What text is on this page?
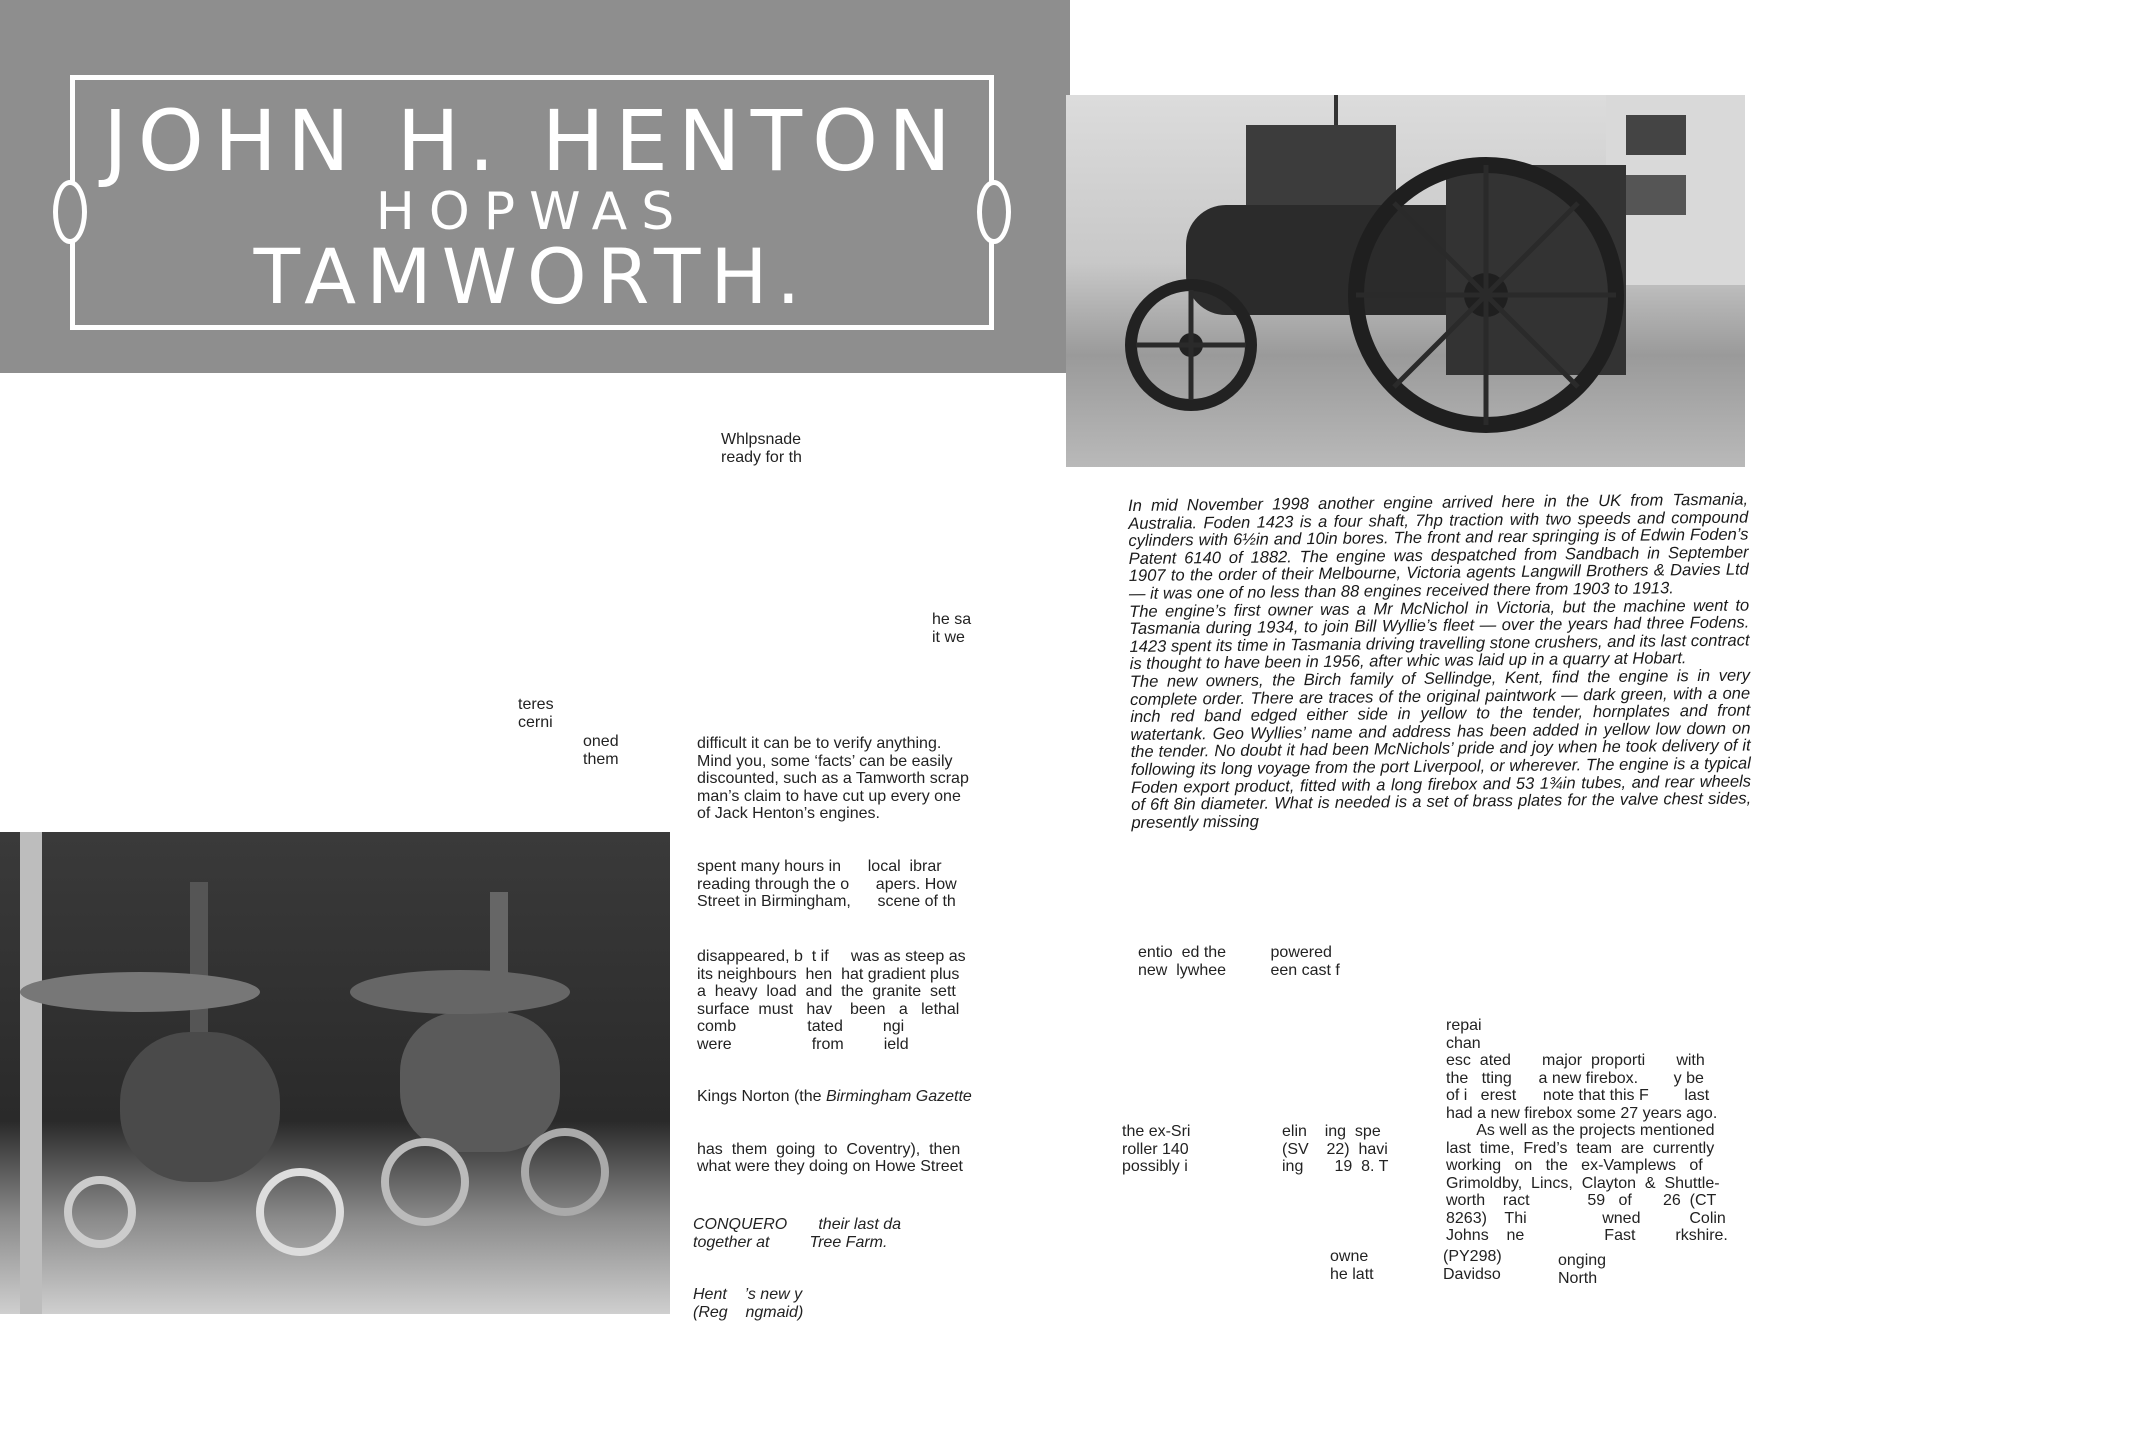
JOHN H. HENTON
HOPWAS
TAMWORTH.
Whlpsnade
ready for th
he sa
it we
teres
cerni
oned
them

difficult it can be to verify anything.
Mind you, some ‘facts’ can be easily
discounted, such as a Tamworth scrap
man’s claim to have cut up every one
of Jack Henton’s engines.

spent many hours in      local  ibrar
reading through the o      apers. How
Street in Birmingham,      scene of th

disappeared, b  t if     was as steep as
its neighbours  hen  hat gradient plus
a  heavy  load  and  the  granite  sett
surface  must   hav    been   a   lethal
comb                tated         ngi
were                  from         ield

Kings Norton (the Birmingham Gazette

has  them  going  to  Coventry),  then
what were they doing on Howe Street

CONQUERO       their last da
together at         Tree Farm.
Hent    ’s new y
(Reg    ngmaid)

In mid November 1998 another engine arrived here in the UK from Tasmania, Australia. Foden 1423 is a four shaft, 7hp traction with two speeds and compound cylinders with 6½in and 10in bores. The front and rear springing is of Edwin Foden’s Patent 6140 of 1882. The engine was despatched from Sandbach in September 1907 to the order of their Melbourne, Victoria agents Langwill Brothers & Davies Ltd — it was one of no less than 88 engines received there from 1903 to 1913.

The engine’s first owner was a Mr McNichol in Victoria, but the machine went to Tasmania during 1934, to join Bill Wyllie’s fleet — over the years had three Fodens. 1423 spent its time in Tasmania driving travelling stone crushers, and its last contract is thought to have been in 1956, after whic was laid up in a quarry at Hobart.

The new owners, the Birch family of Sellindge, Kent, find the engine is in very complete order. There are traces of the original paintwork — dark green, with a one inch red band edged either side in yellow to the tender, hornplates and front watertank. Geo Wyllies’ name and address has been added in yellow low down on the tender. No doubt it had been McNichols’ pride and joy when he took delivery of it following its long voyage from the port Liverpool, or wherever. The engine is a typical Foden export product, fitted with a long firebox and 53 1¾in tubes, and rear wheels of 6ft 8in diameter. What is needed is a set of brass plates for the valve chest sides, presently missing

entio  ed the          powered
new  lywhee          een cast f

repai
chan
esc  ated       major  proporti       with
the   tting      a new firebox.        y be
of i   erest      note that this F        last
had a new firebox some 27 years ago.
As well as the projects mentioned
last  time,  Fred’s  team  are  currently
working   on   the   ex-Vamplews   of
Grimoldby,  Lincs,  Clayton  &  Shuttle-
worth    ract             59   of       26  (CT
8263)    Thi                 wned           Colin
Johns    ne                  Fast         rkshire.

the ex-Sri
roller 140
possibly i
elin    ing  spe
(SV    22)  havi
ing       19  8. T
owne
he latt
(PY298)
Davidso
onging
North
